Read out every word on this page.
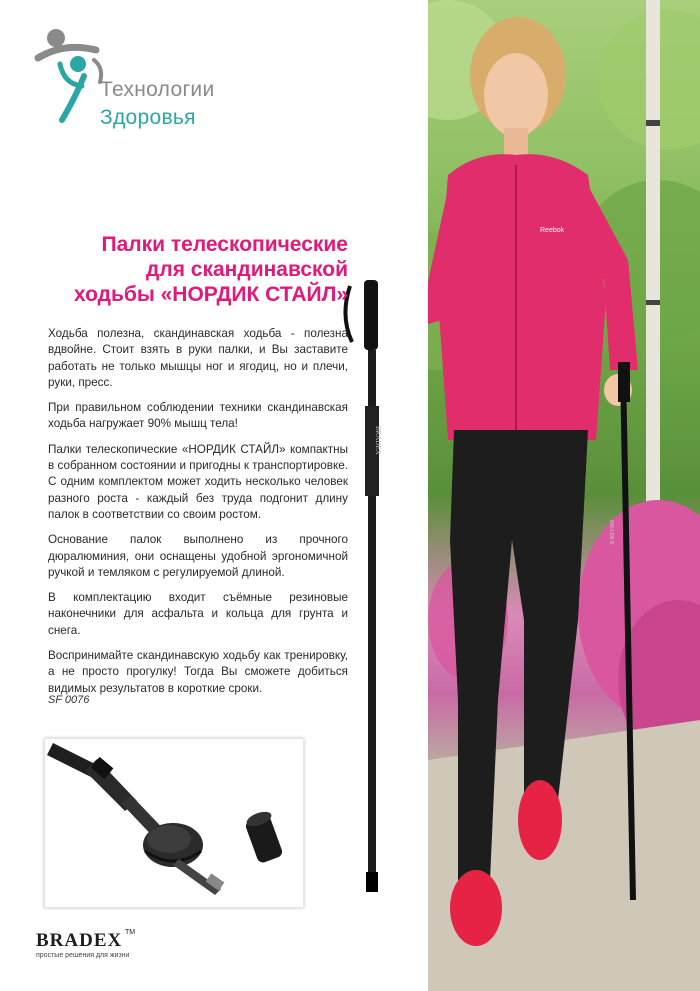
Reebok
BRADEX
BRADEX
Технологии
Здоровья
Палки телескопические
для скандинавской
ходьбы «НОРДИК СТАЙЛ»

Ходьба полезна, скандинавская ходьба - полезна вдвойне. Стоит взять в руки палки, и Вы заставите работать не только мышцы ног и ягодиц, но и плечи, руки, пресс.

При правильном соблюдении техники скандинавская ходьба нагружает 90% мышц тела!

Палки телескопические «НОРДИК СТАЙЛ» компактны в собранном состоянии и пригодны к транспортировке. С одним комплектом может ходить несколько человек разного роста - каждый без труда подгонит длину палок в соответствии со своим ростом.

Основание палок выполнено из прочного дюралюминия, они оснащены удобной эргономичной ручкой и темляком с регулируемой длиной.

В комплектацию входит съёмные резиновые наконечники для асфальта и кольца для грунта и снега.

Воспринимайте скандинавскую ходьбу как тренировку, а не просто прогулку! Тогда Вы сможете добиться видимых результатов в короткие сроки.

SF 0076
BRADEX TM
простые решения для жизни
